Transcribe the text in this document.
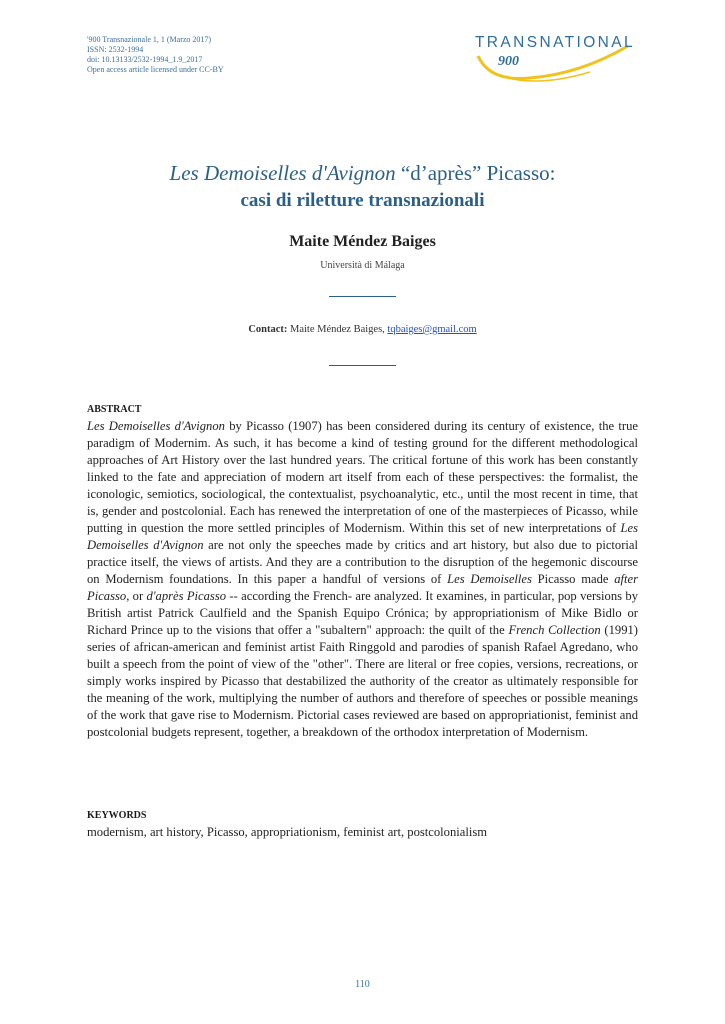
'900 Transnazionale 1, 1 (Marzo 2017)
ISSN: 2532-1994
doi: 10.13133/2532-1994_1.9_2017
Open access article licensed under CC-BY
TRANSNATIONAL
900
Les Demoiselles d'Avignon “d’après” Picasso:
casi di riletture transnazionali
Maite Méndez Baiges
Università di Málaga
Contact: Maite Méndez Baiges, tqbaiges@gmail.com
ABSTRACT
Les Demoiselles d'Avignon by Picasso (1907) has been considered during its century of existence, the true paradigm of Modernim. As such, it has become a kind of testing ground for the different methodological approaches of Art History over the last hundred years. The critical fortune of this work has been constantly linked to the fate and appreciation of modern art itself from each of these perspectives: the formalist, the iconologic, semiotics, sociological, the contextualist, psychoanalytic, etc., until the most recent in time, that is, gender and postcolonial. Each has renewed the interpretation of one of the masterpieces of Picasso, while putting in question the more settled principles of Modernism. Within this set of new interpretations of Les Demoiselles d'Avignon are not only the speeches made by critics and art history, but also due to pictorial practice itself, the views of artists. And they are a contribution to the disruption of the hegemonic discourse on Modernism foundations. In this paper a handful of versions of Les Demoiselles Picasso made after Picasso, or d'après Picasso -- according the French- are analyzed. It examines, in particular, pop versions by British artist Patrick Caulfield and the Spanish Equipo Crónica; by appropriationism of Mike Bidlo or Richard Prince up to the visions that offer a "subaltern" approach: the quilt of the French Collection (1991) series of african-american and feminist artist Faith Ringgold and parodies of spanish Rafael Agredano, who built a speech from the point of view of the "other". There are literal or free copies, versions, recreations, or simply works inspired by Picasso that destabilized the authority of the creator as ultimately responsible for the meaning of the work, multiplying the number of authors and therefore of speeches or possible meanings of the work that gave rise to Modernism. Pictorial cases reviewed are based on appropriationist, feminist and postcolonial budgets represent, together, a breakdown of the orthodox interpretation of Modernism.
KEYWORDS
modernism, art history, Picasso, appropriationism, feminist art, postcolonialism
110
